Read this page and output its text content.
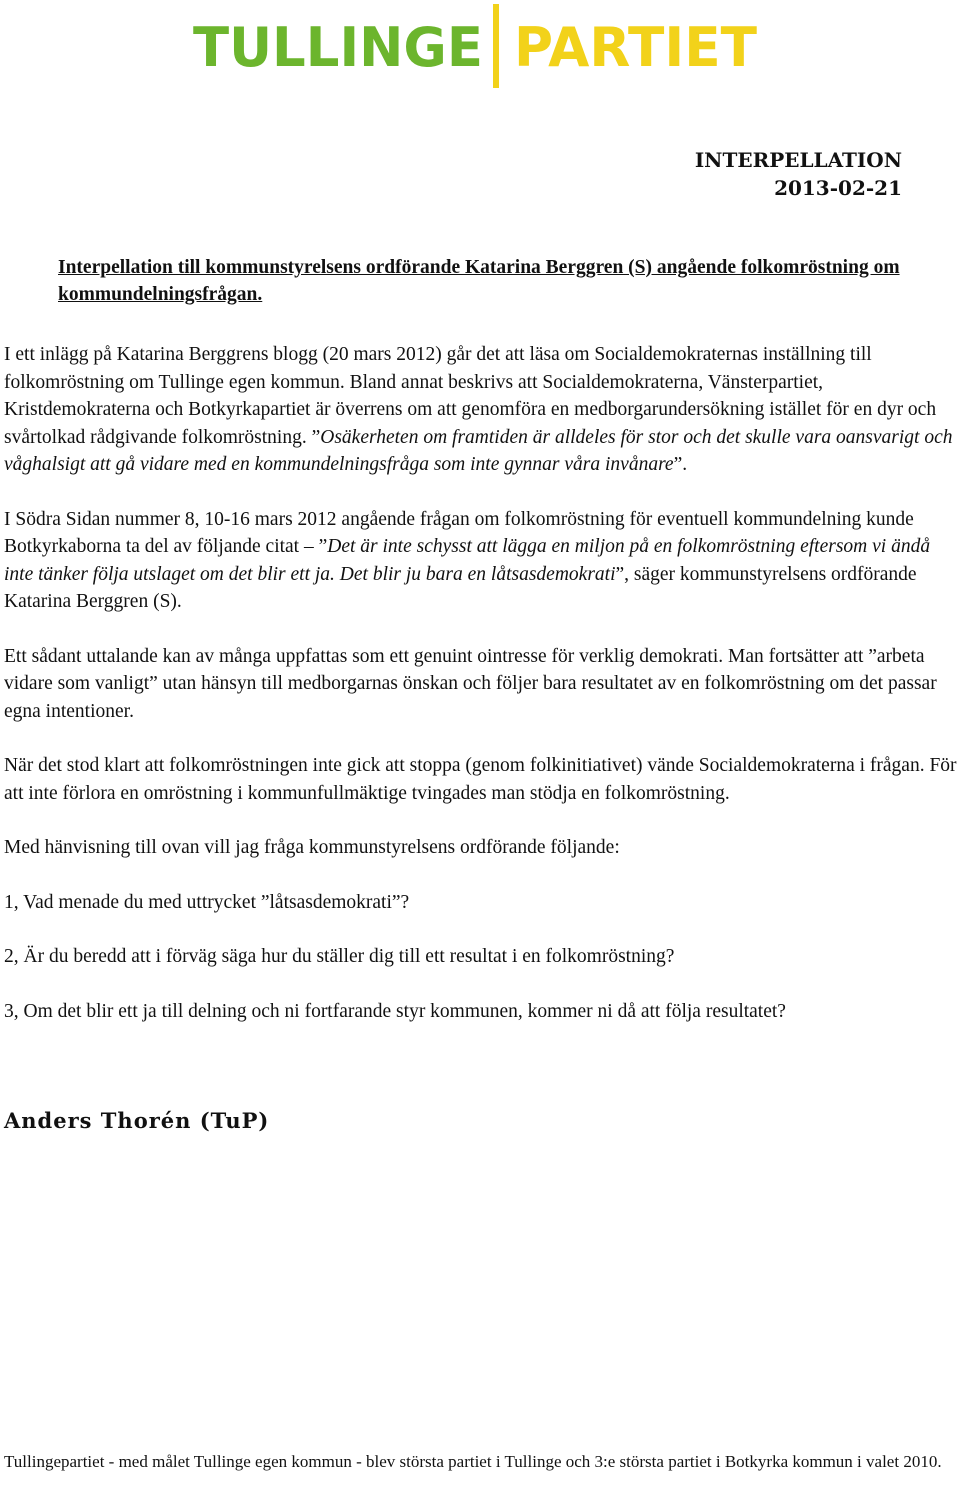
TULLINGE PARTIET
INTERPELLATION
2013-02-21
Interpellation till kommunstyrelsens ordförande Katarina Berggren (S) angående folkomröstning om kommundelningsfrågan.

I ett inlägg på Katarina Berggrens blogg (20 mars 2012) går det att läsa om Socialdemokraternas inställning till folkomröstning om Tullinge egen kommun. Bland annat beskrivs att Socialdemokraterna, Vänsterpartiet, Kristdemokraterna och Botkyrkapartiet är överrens om att genomföra en medborgarundersökning istället för en dyr och svårtolkad rådgivande folkomröstning. ”Osäkerheten om framtiden är alldeles för stor och det skulle vara oansvarigt och våghalsigt att gå vidare med en kommundelningsfråga som inte gynnar våra invånare”.

I Södra Sidan nummer 8, 10-16 mars 2012 angående frågan om folkomröstning för eventuell kommundelning kunde Botkyrkaborna ta del av följande citat – ”Det är inte schysst att lägga en miljon på en folkomröstning eftersom vi ändå inte tänker följa utslaget om det blir ett ja. Det blir ju bara en låtsasdemokrati”, säger kommunstyrelsens ordförande Katarina Berggren (S).

Ett sådant uttalande kan av många uppfattas som ett genuint ointresse för verklig demokrati. Man fortsätter att ”arbeta vidare som vanligt” utan hänsyn till medborgarnas önskan och följer bara resultatet av en folkomröstning om det passar egna intentioner.

När det stod klart att folkomröstningen inte gick att stoppa (genom folkinitiativet) vände Socialdemokraterna i frågan. För att inte förlora en omröstning i kommunfullmäktige tvingades man stödja en folkomröstning.

Med hänvisning till ovan vill jag fråga kommunstyrelsens ordförande följande:

1, Vad menade du med uttrycket ”låtsasdemokrati”?

2, Är du beredd att i förväg säga hur du ställer dig till ett resultat i en folkomröstning?

3, Om det blir ett ja till delning och ni fortfarande styr kommunen, kommer ni då att följa resultatet?

Anders Thorén (TuP)
Tullingepartiet - med målet Tullinge egen kommun - blev största partiet i Tullinge och 3:e största partiet i Botkyrka kommun i valet 2010.
